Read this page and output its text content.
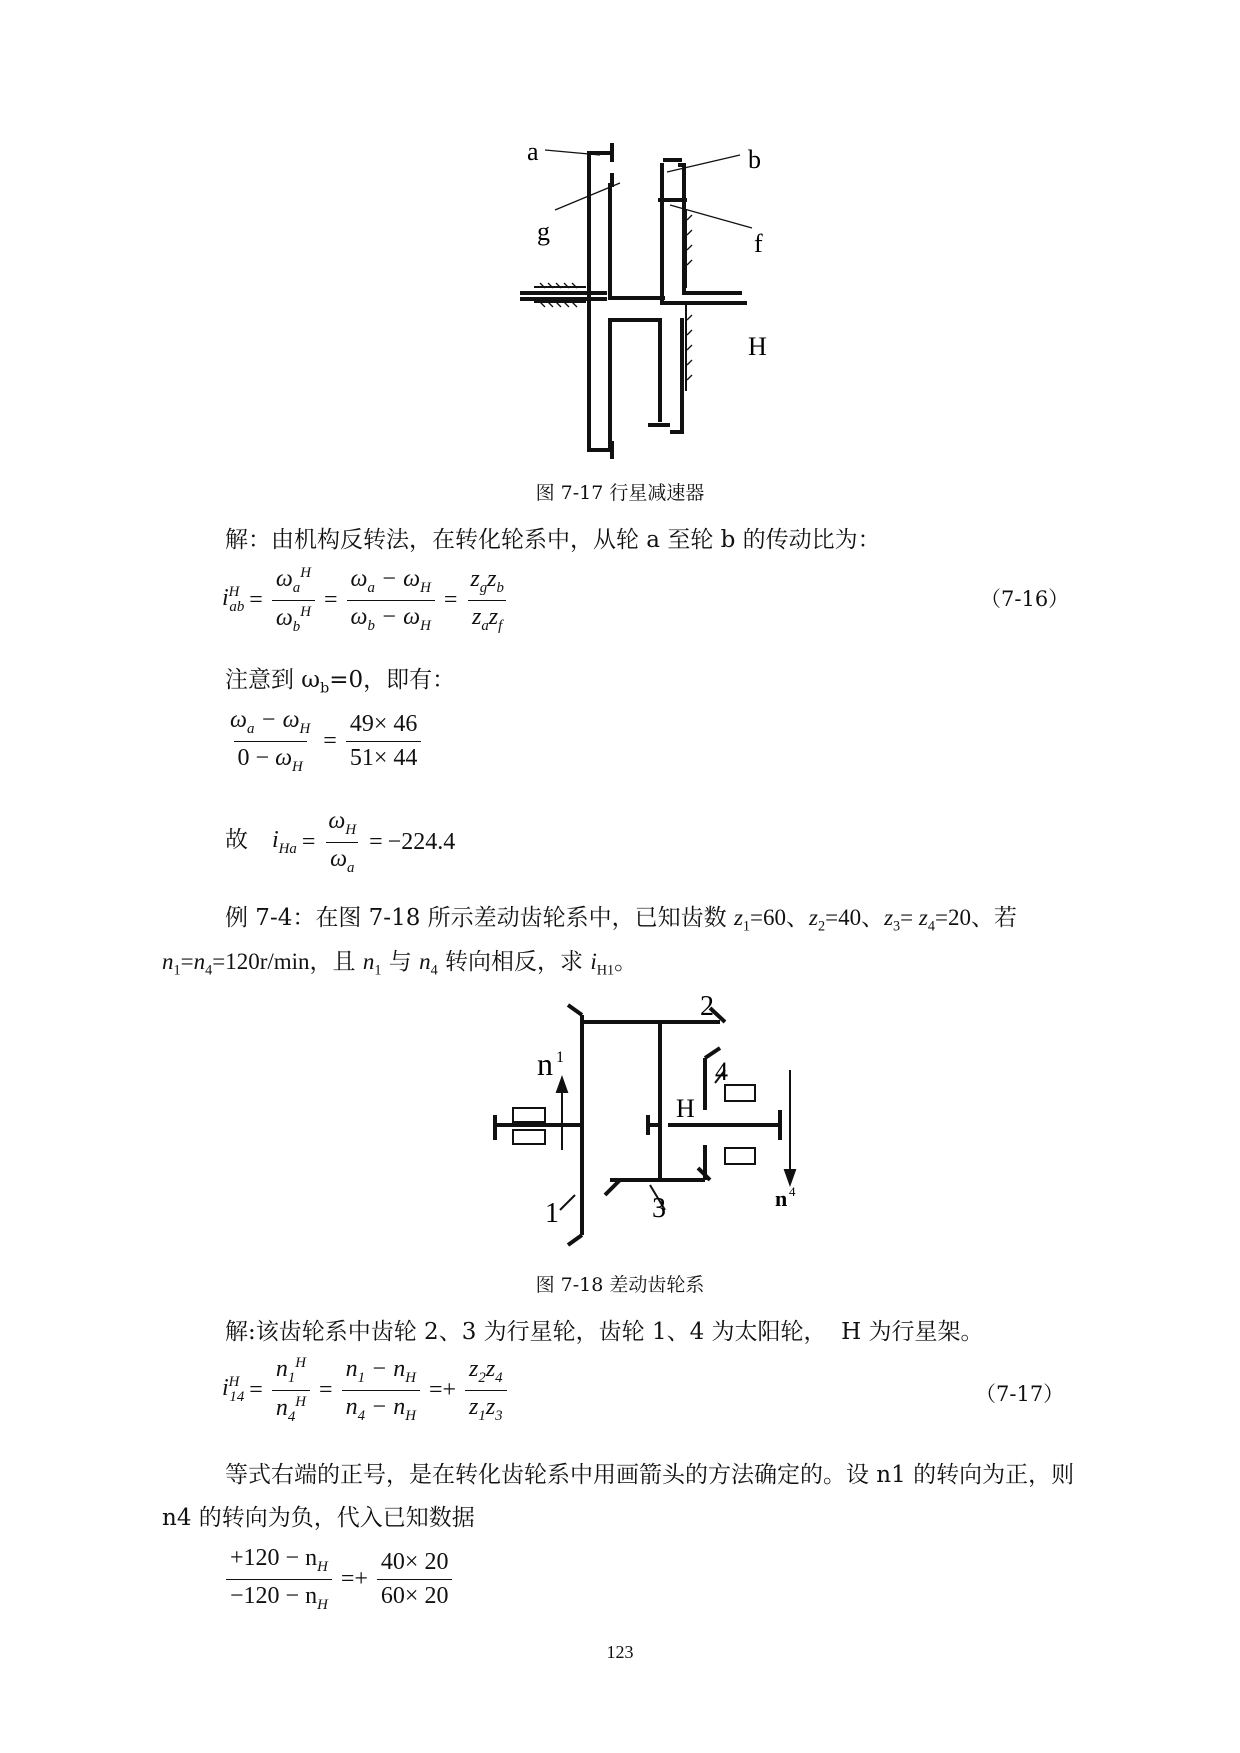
a	b
g	f
H
图 7-17 行星减速器
解：由机构反转法，在转化轮系中，从轮 a 至轮 b 的传动比为：
$i^H_{ab} = \frac{\omega_a^H}{\omega_b^H} = \frac{\omega_a - \omega_H}{\omega_b - \omega_H} = \frac{z_gz_b}{z_az_f}$	（7-16）
注意到 $\omega_b=0$，即有：
$\frac{\omega_a - \omega_H}{0 - \omega_H} = \frac{49\times 46}{51\times 44}$
故 $i_{Ha} = \frac{\omega_H}{\omega_a} = -224.4$
例 7-4：在图 7-18 所示差动齿轮系中，已知齿数 $z_1=60$、$z_2=40$、$z_3= z_4=20$、若
$n_1=n_4=120r/\min$，且 $n_1$ 与 $n_4$ 转向相反，求 $i_{H1}$。
n 1
2
4
H
1	3	n 4
图 7-18 差动齿轮系
解:该齿轮系中齿轮 2、3 为行星轮，齿轮 1、4 为太阳轮，  H 为行星架。
$i^H_{14} = \frac{n_1^H}{n_4^H} = \frac{n_1 - n_H}{n_4 - n_H} =+ \frac{z_2z_4}{z_1z_3}$	（7-17）
等式右端的正号，是在转化齿轮系中用画箭头的方法确定的。设 n1 的转向为正，则
n4 的转向为负，代入已知数据
$\frac{+120 - n_H}{-120 - n_H} =+ \frac{40\times 20}{60\times 20}$
123
